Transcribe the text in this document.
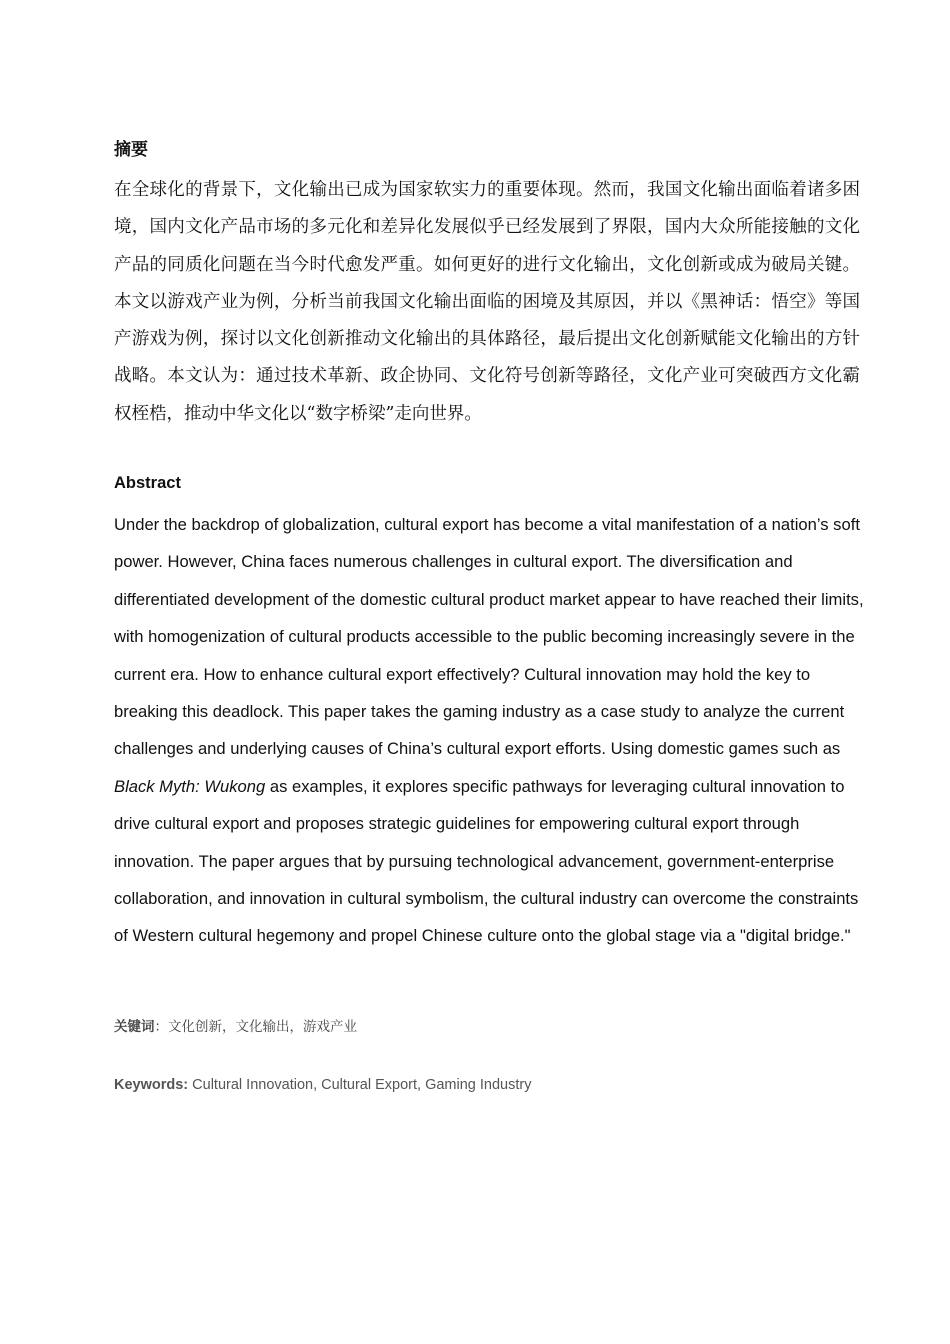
摘要

在全球化的背景下，文化输出已成为国家软实力的重要体现。然而，我国文化输出面临着诸多困境，国内文化产品市场的多元化和差异化发展似乎已经发展到了界限，国内大众所能接触的文化产品的同质化问题在当今时代愈发严重。如何更好的进行文化输出，文化创新或成为破局关键。本文以游戏产业为例，分析当前我国文化输出面临的困境及其原因，并以《黑神话：悟空》等国产游戏为例，探讨以文化创新推动文化输出的具体路径，最后提出文化创新赋能文化输出的方针战略。本文认为：通过技术革新、政企协同、文化符号创新等路径，文化产业可突破西方文化霸权桎梏，推动中华文化以“数字桥梁”走向世界。

Abstract

Under the backdrop of globalization, cultural export has become a vital manifestation of a nation’s soft power. However, China faces numerous challenges in cultural export. The diversification and differentiated development of the domestic cultural product market appear to have reached their limits, with homogenization of cultural products accessible to the public becoming increasingly severe in the current era. How to enhance cultural export effectively? Cultural innovation may hold the key to breaking this deadlock. This paper takes the gaming industry as a case study to analyze the current challenges and underlying causes of China’s cultural export efforts. Using domestic games such as Black Myth: Wukong as examples, it explores specific pathways for leveraging cultural innovation to drive cultural export and proposes strategic guidelines for empowering cultural export through innovation. The paper argues that by pursuing technological advancement, government-enterprise collaboration, and innovation in cultural symbolism, the cultural industry can overcome the constraints of Western cultural hegemony and propel Chinese culture onto the global stage via a "digital bridge."

关键词：文化创新，文化输出，游戏产业

Keywords: Cultural Innovation, Cultural Export, Gaming Industry
